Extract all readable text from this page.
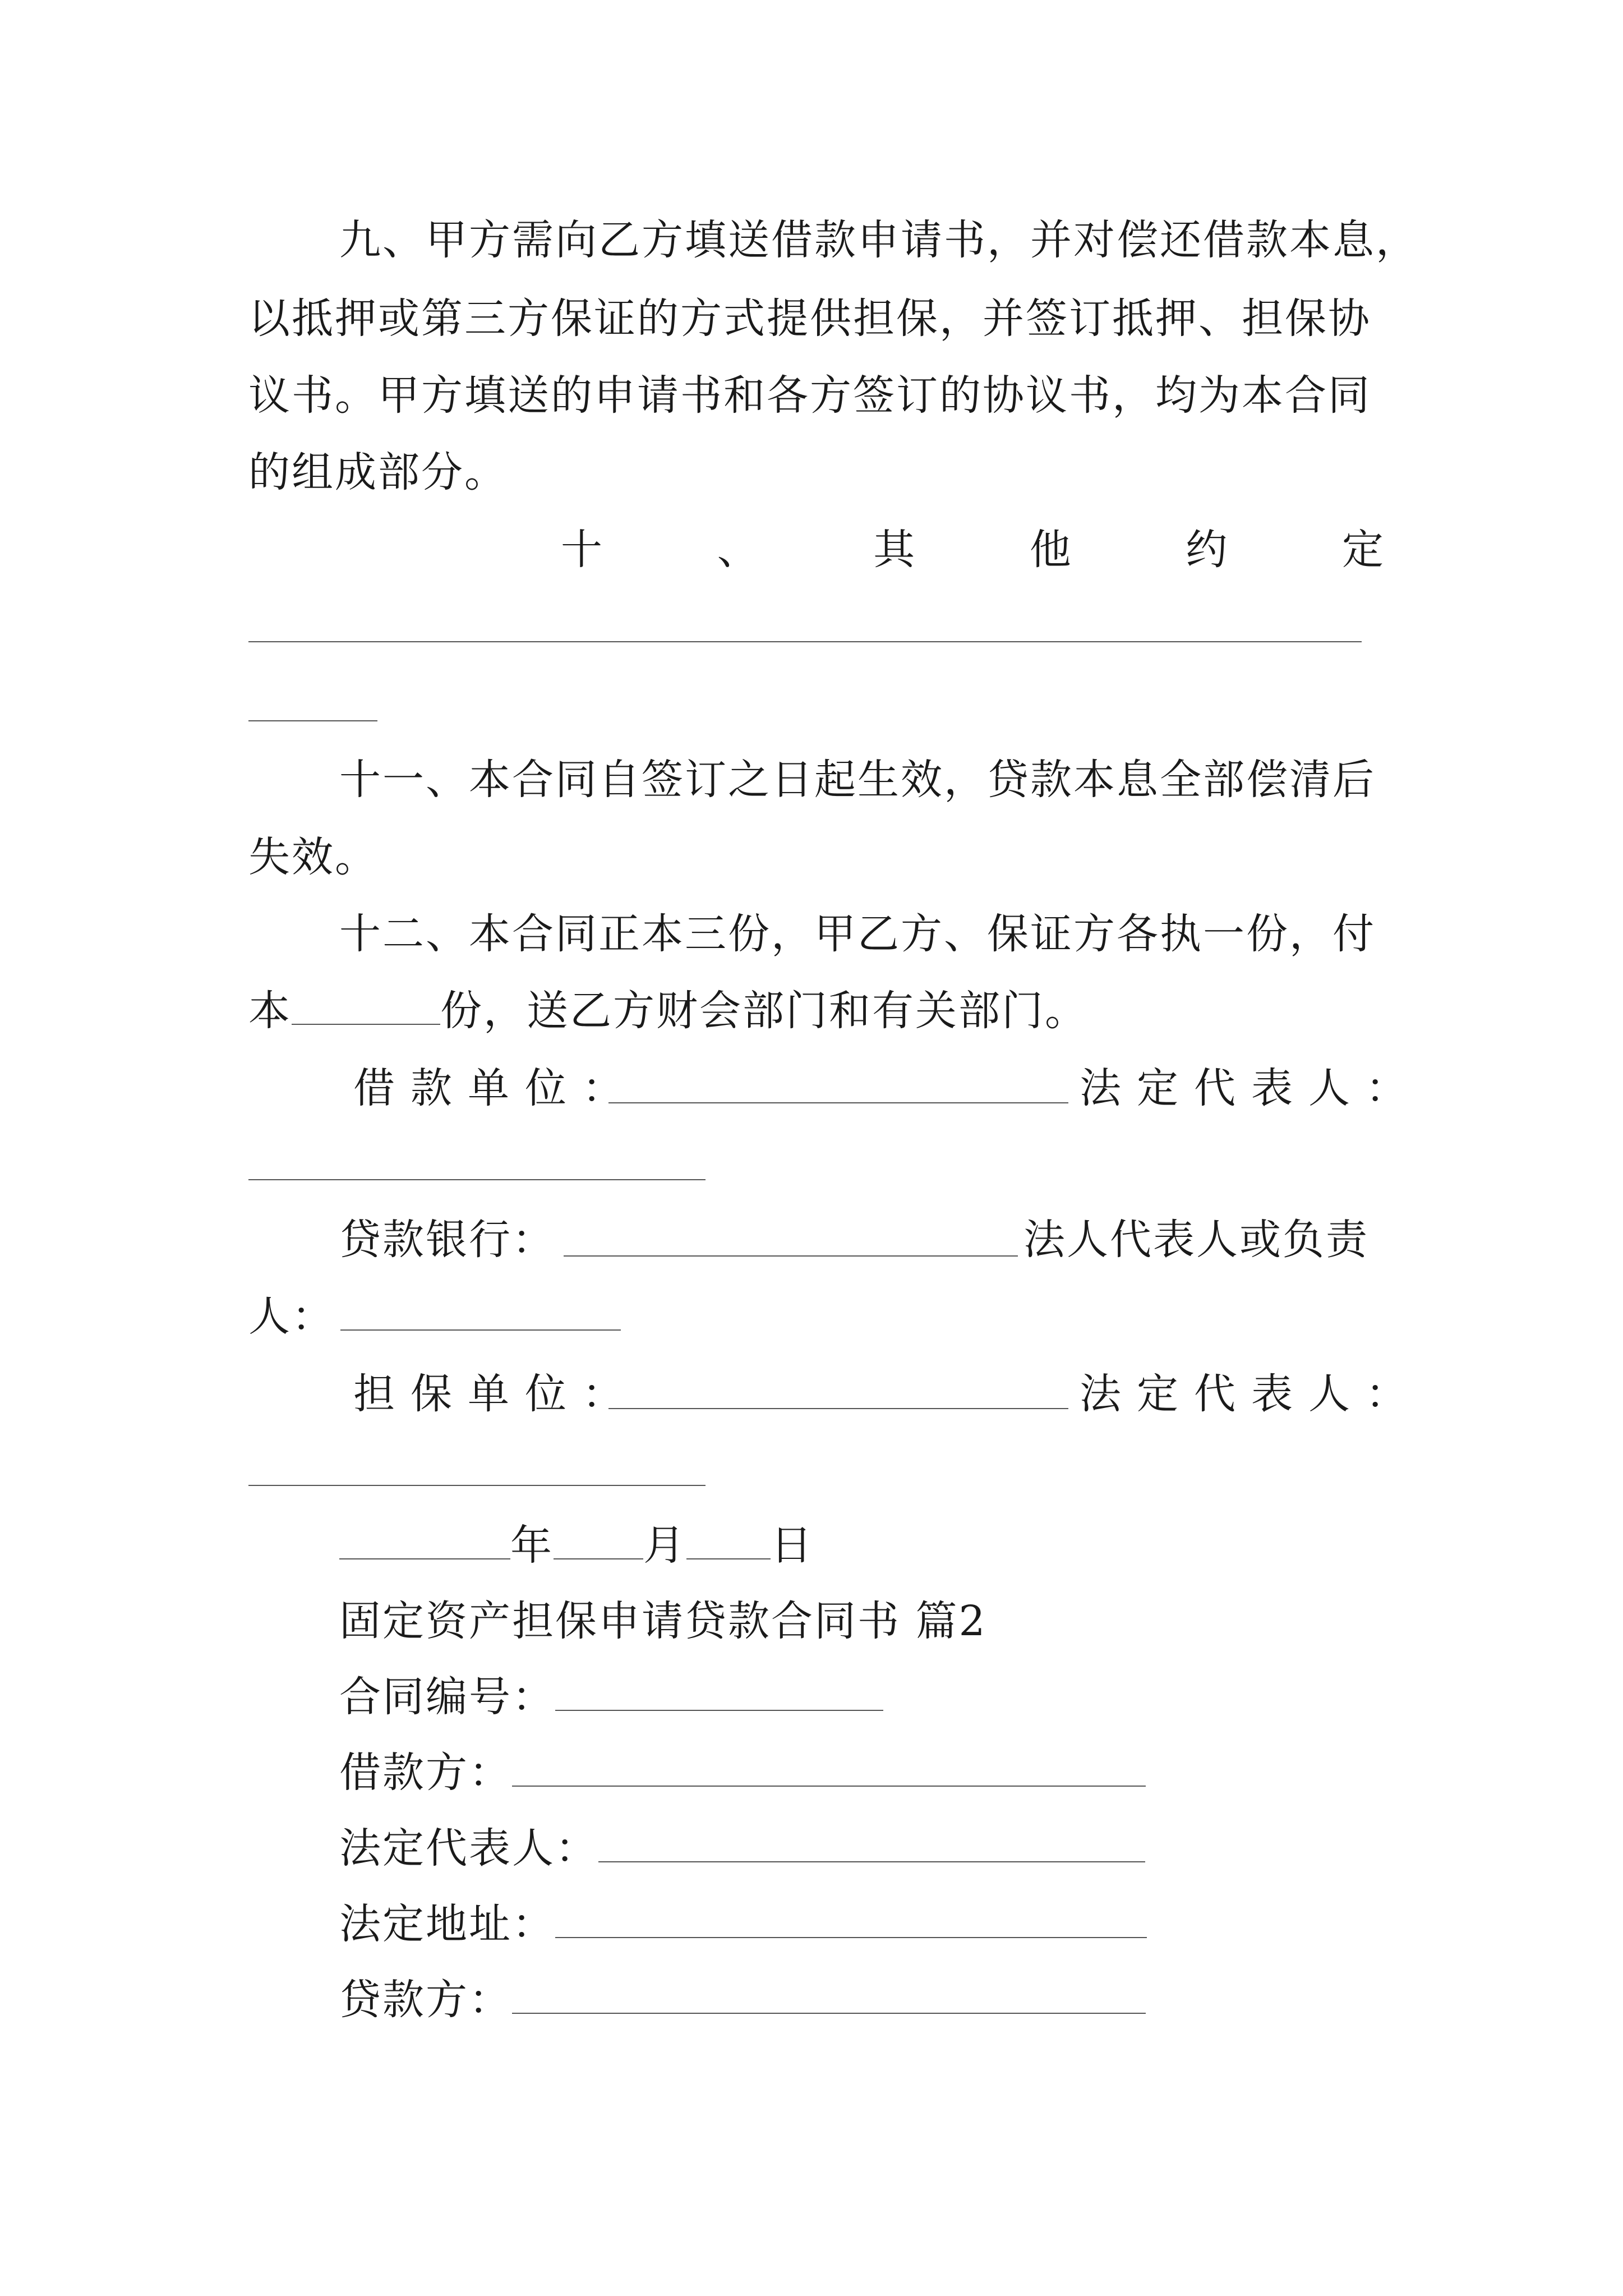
九、甲方需向乙方填送借款申请书，并对偿还借款本息，
以抵押或第三方保证的方式提供担保，并签订抵押、担保协
议书。甲方填送的申请书和各方签订的协议书，均为本合同
的组成部分。
十	、	其	他	约	定
十一、本合同自签订之日起生效，贷款本息全部偿清后
失效。
十二、本合同正本三份，甲乙方、保证方各执一份，付
本	份，送乙方财会部门和有关部门。
借款单位：	法定代表人：
贷款银行：	法人代表人或负责
人：
担保单位：	法定代表人：
年 月 日
固定资产担保申请贷款合同书 篇2
合同编号：
借款方：
法定代表人：
法定地址：
贷款方：
